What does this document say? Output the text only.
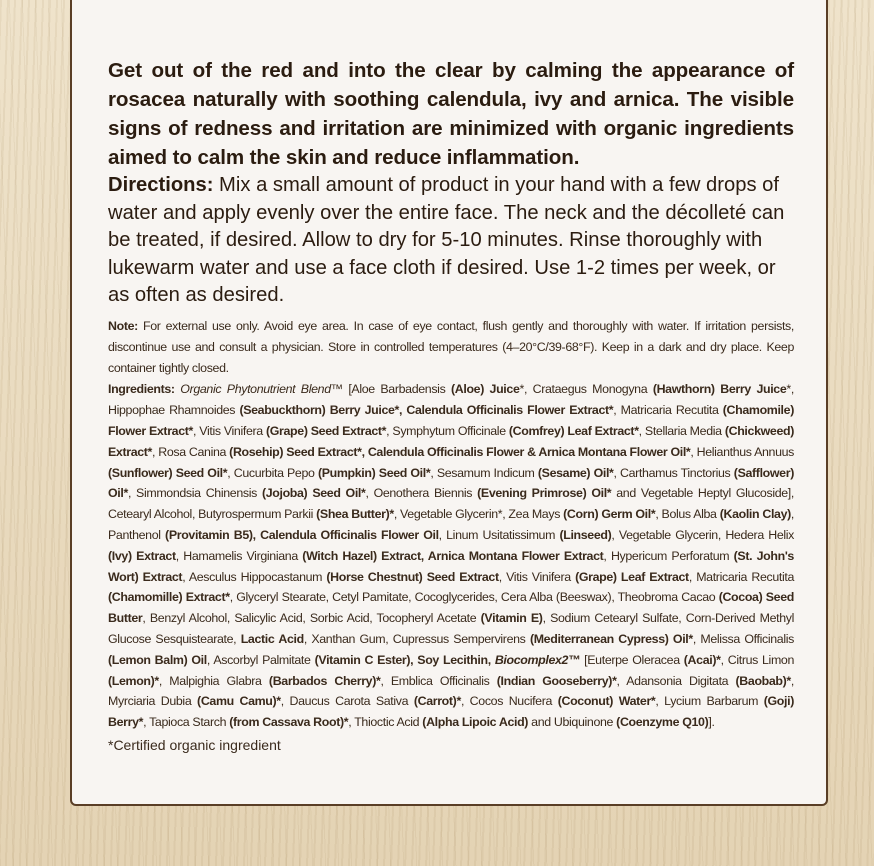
Get out of the red and into the clear by calming the appearance of rosacea naturally with soothing calendula, ivy and arnica. The visible signs of redness and irritation are minimized with organic ingredients aimed to calm the skin and reduce inflammation.

Directions: Mix a small amount of product in your hand with a few drops of water and apply evenly over the entire face. The neck and the décolleté can be treated, if desired. Allow to dry for 5-10 minutes. Rinse thoroughly with lukewarm water and use a face cloth if desired. Use 1-2 times per week, or as often as desired.

Note: For external use only. Avoid eye area. In case of eye contact, flush gently and thoroughly with water. If irritation persists, discontinue use and consult a physician. Store in controlled temperatures (4–20°C/39-68°F). Keep in a dark and dry place. Keep container tightly closed.

Ingredients: Organic Phytonutrient Blend™ [Aloe Barbadensis (Aloe) Juice*, Crataegus Monogyna (Hawthorn) Berry Juice*, Hippophae Rhamnoides (Seabuckthorn) Berry Juice*, Calendula Officinalis Flower Extract*, Matricaria Recutita (Chamomile) Flower Extract*, Vitis Vinifera (Grape) Seed Extract*, Symphytum Officinale (Comfrey) Leaf Extract*, Stellaria Media (Chickweed) Extract*, Rosa Canina (Rosehip) Seed Extract*, Calendula Officinalis Flower & Arnica Montana Flower Oil*, Helianthus Annuus (Sunflower) Seed Oil*, Cucurbita Pepo (Pumpkin) Seed Oil*, Sesamum Indicum (Sesame) Oil*, Carthamus Tinctorius (Safflower) Oil*, Simmondsia Chinensis (Jojoba) Seed Oil*, Oenothera Biennis (Evening Primrose) Oil* and Vegetable Heptyl Glucoside], Cetearyl Alcohol, Butyrospermum Parkii (Shea Butter)*, Vegetable Glycerin*, Zea Mays (Corn) Germ Oil*, Bolus Alba (Kaolin Clay), Panthenol (Provitamin B5), Calendula Officinalis Flower Oil, Linum Usitatissimum (Linseed), Vegetable Glycerin, Hedera Helix (Ivy) Extract, Hamamelis Virginiana (Witch Hazel) Extract, Arnica Montana Flower Extract, Hypericum Perforatum (St. John's Wort) Extract, Aesculus Hippocastanum (Horse Chestnut) Seed Extract, Vitis Vinifera (Grape) Leaf Extract, Matricaria Recutita (Chamomille) Extract*, Glyceryl Stearate, Cetyl Pamitate, Cocoglycerides, Cera Alba (Beeswax), Theobroma Cacao (Cocoa) Seed Butter, Benzyl Alcohol, Salicylic Acid, Sorbic Acid, Tocopheryl Acetate (Vitamin E), Sodium Cetearyl Sulfate, Corn-Derived Methyl Glucose Sesquistearate, Lactic Acid, Xanthan Gum, Cupressus Sempervirens (Mediterranean Cypress) Oil*, Melissa Officinalis (Lemon Balm) Oil, Ascorbyl Palmitate (Vitamin C Ester), Soy Lecithin, Biocomplex2™ [Euterpe Oleracea (Acai)*, Citrus Limon (Lemon)*, Malpighia Glabra (Barbados Cherry)*, Emblica Officinalis (Indian Gooseberry)*, Adansonia Digitata (Baobab)*, Myrciaria Dubia (Camu Camu)*, Daucus Carota Sativa (Carrot)*, Cocos Nucifera (Coconut) Water*, Lycium Barbarum (Goji) Berry*, Tapioca Starch (from Cassava Root)*, Thioctic Acid (Alpha Lipoic Acid) and Ubiquinone (Coenzyme Q10)].

*Certified organic ingredient
